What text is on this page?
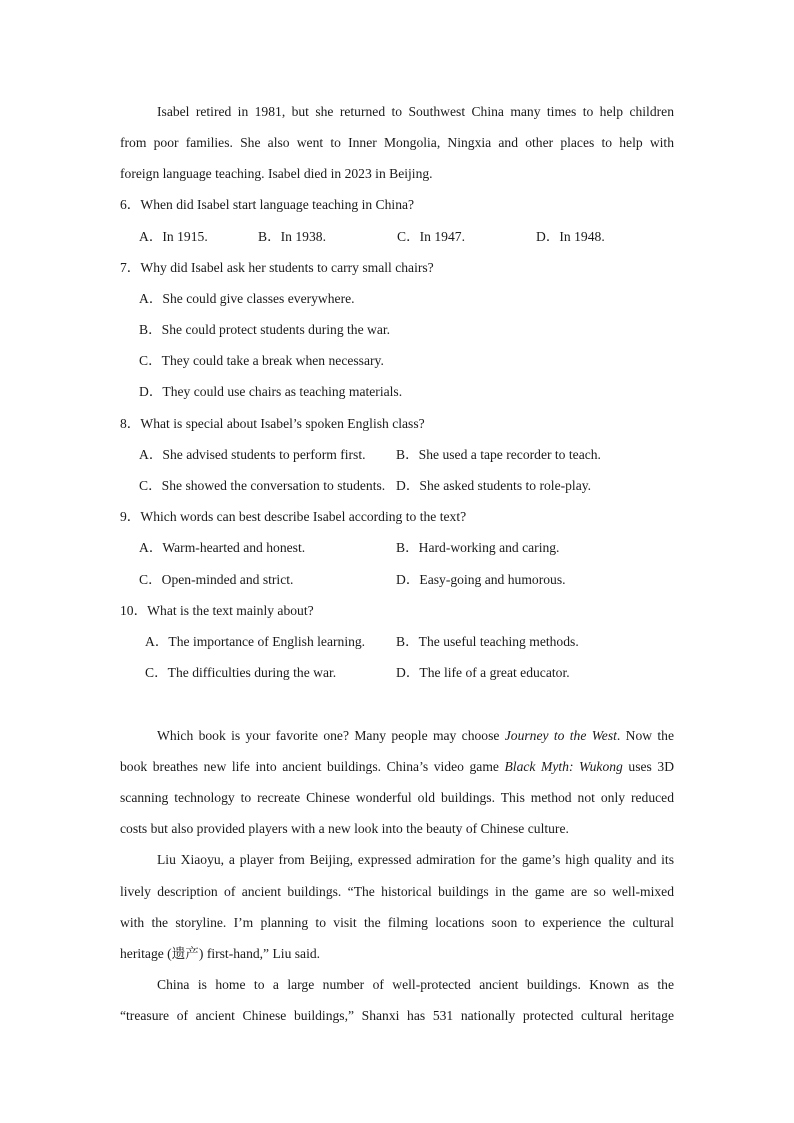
Isabel retired in 1981, but she returned to Southwest China many times to help children
from poor families. She also went to Inner Mongolia, Ningxia and other places to help with
foreign language teaching. Isabel died in 2023 in Beijing.
6．When did Isabel start language teaching in China?
A．In 1915.	B．In 1938.	C．In 1947.	D．In 1948.
7．Why did Isabel ask her students to carry small chairs?
A．She could give classes everywhere.
B．She could protect students during the war.
C．They could take a break when necessary.
D．They could use chairs as teaching materials.
8．What is special about Isabel’s spoken English class?
A．She advised students to perform first. B．She used a tape recorder to teach.
C．She showed the conversation to students. D．She asked students to role-play.
9．Which words can best describe Isabel according to the text?
A．Warm-hearted and honest.	B．Hard-working and caring.
C．Open-minded and strict.	D．Easy-going and humorous.
10．What is the text mainly about?
A．The importance of English learning. B．The useful teaching methods.
C．The difficulties during the war.	D．The life of a great educator.
Which book is your favorite one? Many people may choose Journey to the West. Now the
book breathes new life into ancient buildings. China’s video game Black Myth: Wukong uses 3D
scanning technology to recreate Chinese wonderful old buildings. This method not only reduced
costs but also provided players with a new look into the beauty of Chinese culture.
Liu Xiaoyu, a player from Beijing, expressed admiration for the game’s high quality and its
lively description of ancient buildings. “The historical buildings in the game are so well-mixed
with the storyline. I’m planning to visit the filming locations soon to experience the cultural
heritage (遗产) first-hand,” Liu said.
China is home to a large number of well-protected ancient buildings. Known as the
“treasure of ancient Chinese buildings,” Shanxi has 531 nationally protected cultural heritage
